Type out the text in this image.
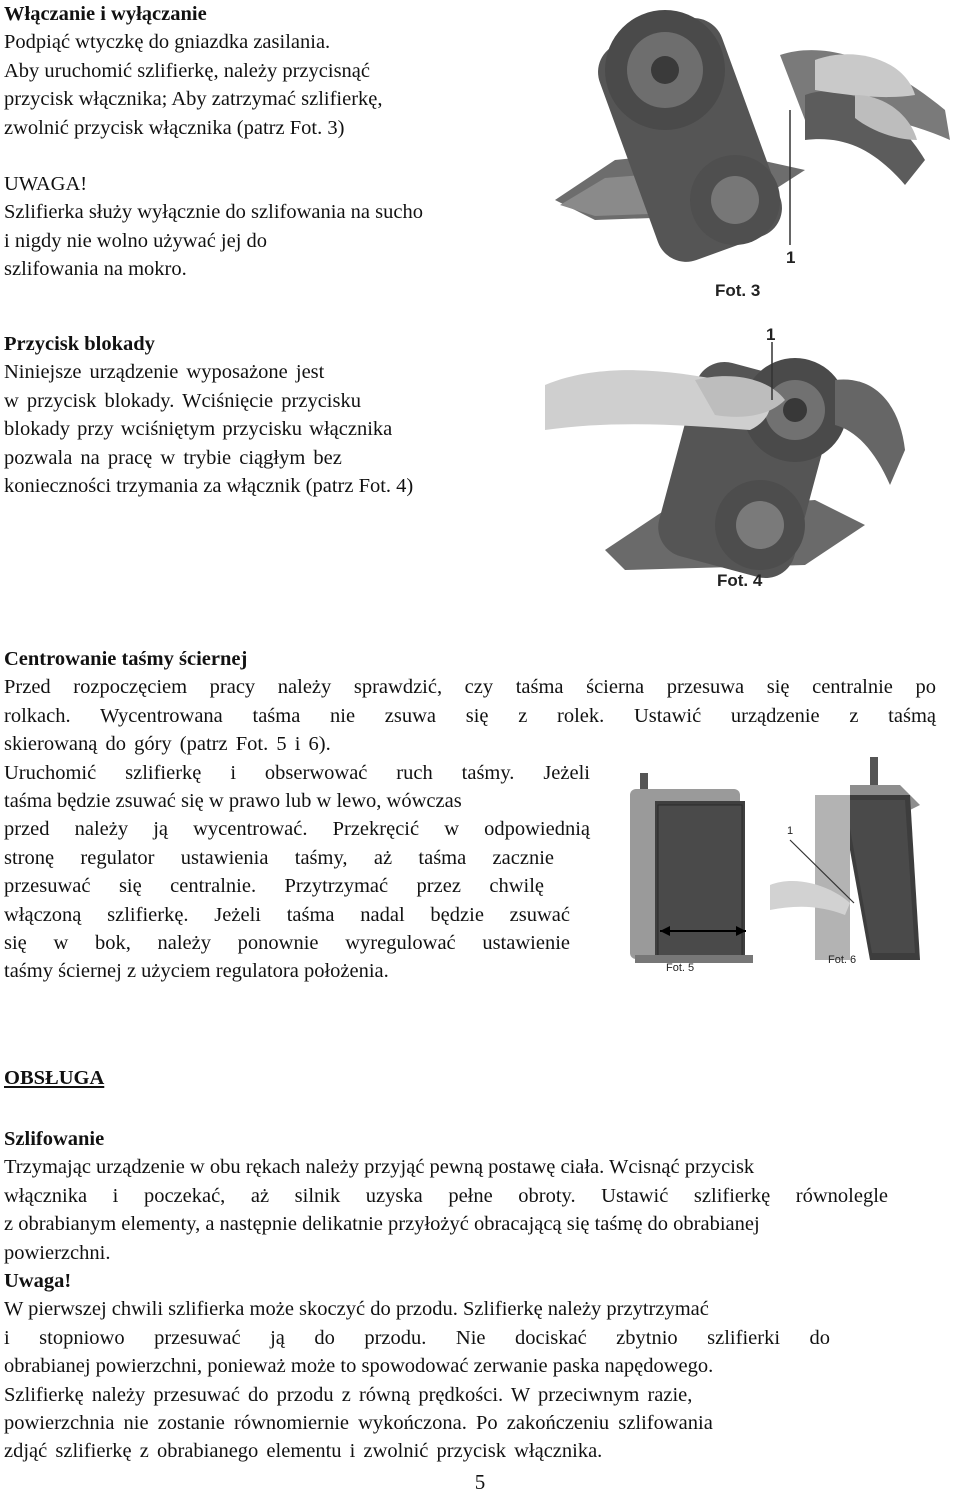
Włączanie i wyłączanie
Podpiąć wtyczkę do gniazdka zasilania.
Aby uruchomić szlifierkę, należy przycisnąć
przycisk włącznika; Aby zatrzymać szlifierkę,
zwolnić przycisk włącznika (patrz Fot. 3)
UWAGA!
Szlifierka służy wyłącznie do szlifowania na sucho
i nigdy nie wolno używać jej do
szlifowania na mokro.
Przycisk blokady
Niniejsze urządzenie wyposażone jest
w przycisk blokady. Wciśnięcie przycisku
blokady przy wciśniętym przycisku włącznika
pozwala na pracę w trybie ciągłym bez
konieczności trzymania za włącznik (patrz Fot. 4)
1
Fot. 3
1
Fot. 4
Centrowanie taśmy ściernej
Przed rozpoczęciem pracy należy sprawdzić, czy taśma ścierna przesuwa się centralnie po
rolkach. Wycentrowana taśma nie zsuwa się z rolek. Ustawić urządzenie z taśmą
skierowaną do góry (patrz Fot. 5 i 6).
Uruchomić szlifierkę i obserwować ruch taśmy. Jeżeli
taśma będzie zsuwać się w prawo lub w lewo, wówczas
przed należy ją wycentrować. Przekręcić w odpowiednią
stronę regulator ustawienia taśmy, aż taśma zacznie
przesuwać się centralnie. Przytrzymać przez chwilę
włączoną szlifierkę. Jeżeli taśma nadal będzie zsuwać
się w bok, należy ponownie wyregulować ustawienie
taśmy ściernej z użyciem regulatora położenia.	Fot. 5
1
Fot. 6
OBSŁUGA
Szlifowanie
Trzymając urządzenie w obu rękach należy przyjąć pewną postawę ciała. Wcisnąć przycisk
włącznika i poczekać, aż silnik uzyska pełne obroty. Ustawić szlifierkę równolegle
z obrabianym elementy, a następnie delikatnie przyłożyć obracającą się taśmę do obrabianej
powierzchni.
Uwaga!
W pierwszej chwili szlifierka może skoczyć do przodu. Szlifierkę należy przytrzymać
i stopniowo przesuwać ją do przodu. Nie dociskać zbytnio szlifierki do
obrabianej powierzchni, ponieważ może to spowodować zerwanie paska napędowego.
Szlifierkę należy przesuwać do przodu z równą prędkości. W przeciwnym razie,
powierzchnia nie zostanie równomiernie wykończona. Po zakończeniu szlifowania
zdjąć szlifierkę z obrabianego elementu i zwolnić przycisk włącznika.
5
